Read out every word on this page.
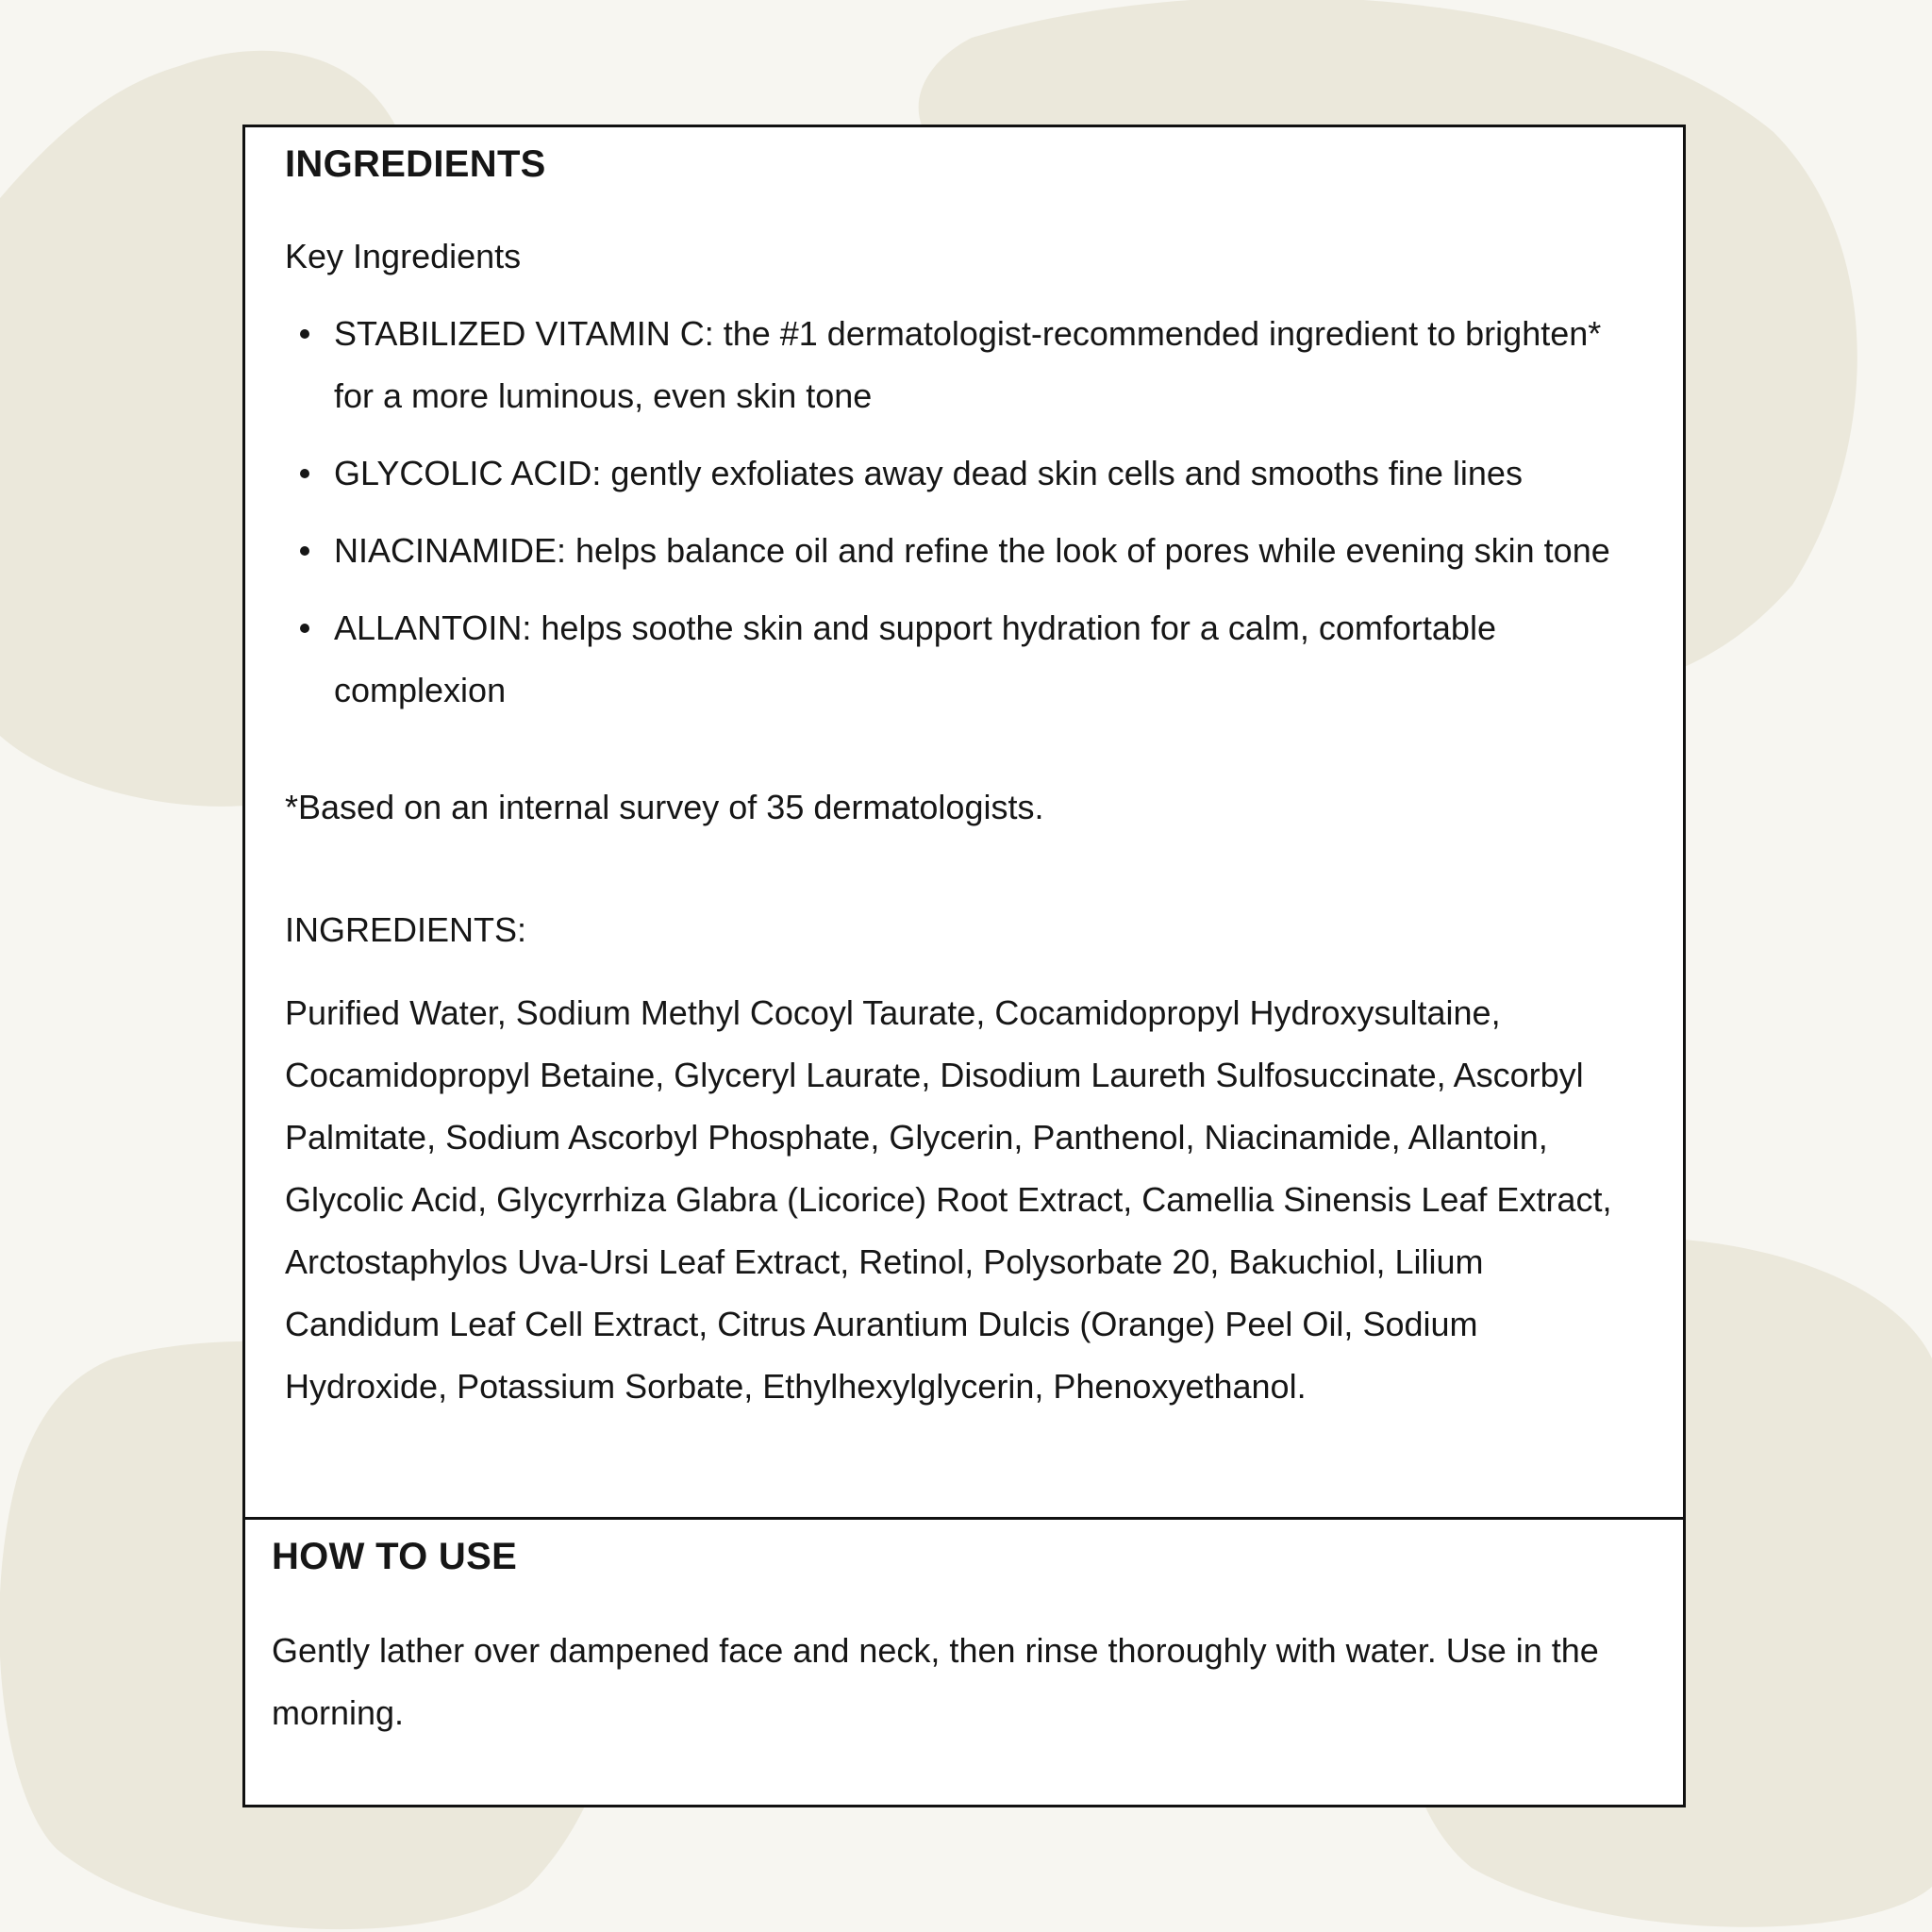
INGREDIENTS

Key Ingredients

STABILIZED VITAMIN C: the #1 dermatologist-recommended ingredient to brighten* for a more luminous, even skin tone
GLYCOLIC ACID: gently exfoliates away dead skin cells and smooths fine lines
NIACINAMIDE: helps balance oil and refine the look of pores while evening skin tone
ALLANTOIN: helps soothe skin and support hydration for a calm, comfortable complexion

*Based on an internal survey of 35 dermatologists.

INGREDIENTS:

Purified Water, Sodium Methyl Cocoyl Taurate, Cocamidopropyl Hydroxysultaine, Cocamidopropyl Betaine, Glyceryl Laurate, Disodium Laureth Sulfosuccinate, Ascorbyl Palmitate, Sodium Ascorbyl Phosphate, Glycerin, Panthenol, Niacinamide, Allantoin, Glycolic Acid, Glycyrrhiza Glabra (Licorice) Root Extract, Camellia Sinensis Leaf Extract, Arctostaphylos Uva-Ursi Leaf Extract, Retinol, Polysorbate 20, Bakuchiol, Lilium Candidum Leaf Cell Extract, Citrus Aurantium Dulcis (Orange) Peel Oil, Sodium Hydroxide, Potassium Sorbate, Ethylhexylglycerin, Phenoxyethanol.

HOW TO USE

Gently lather over dampened face and neck, then rinse thoroughly with water. Use in the morning.
